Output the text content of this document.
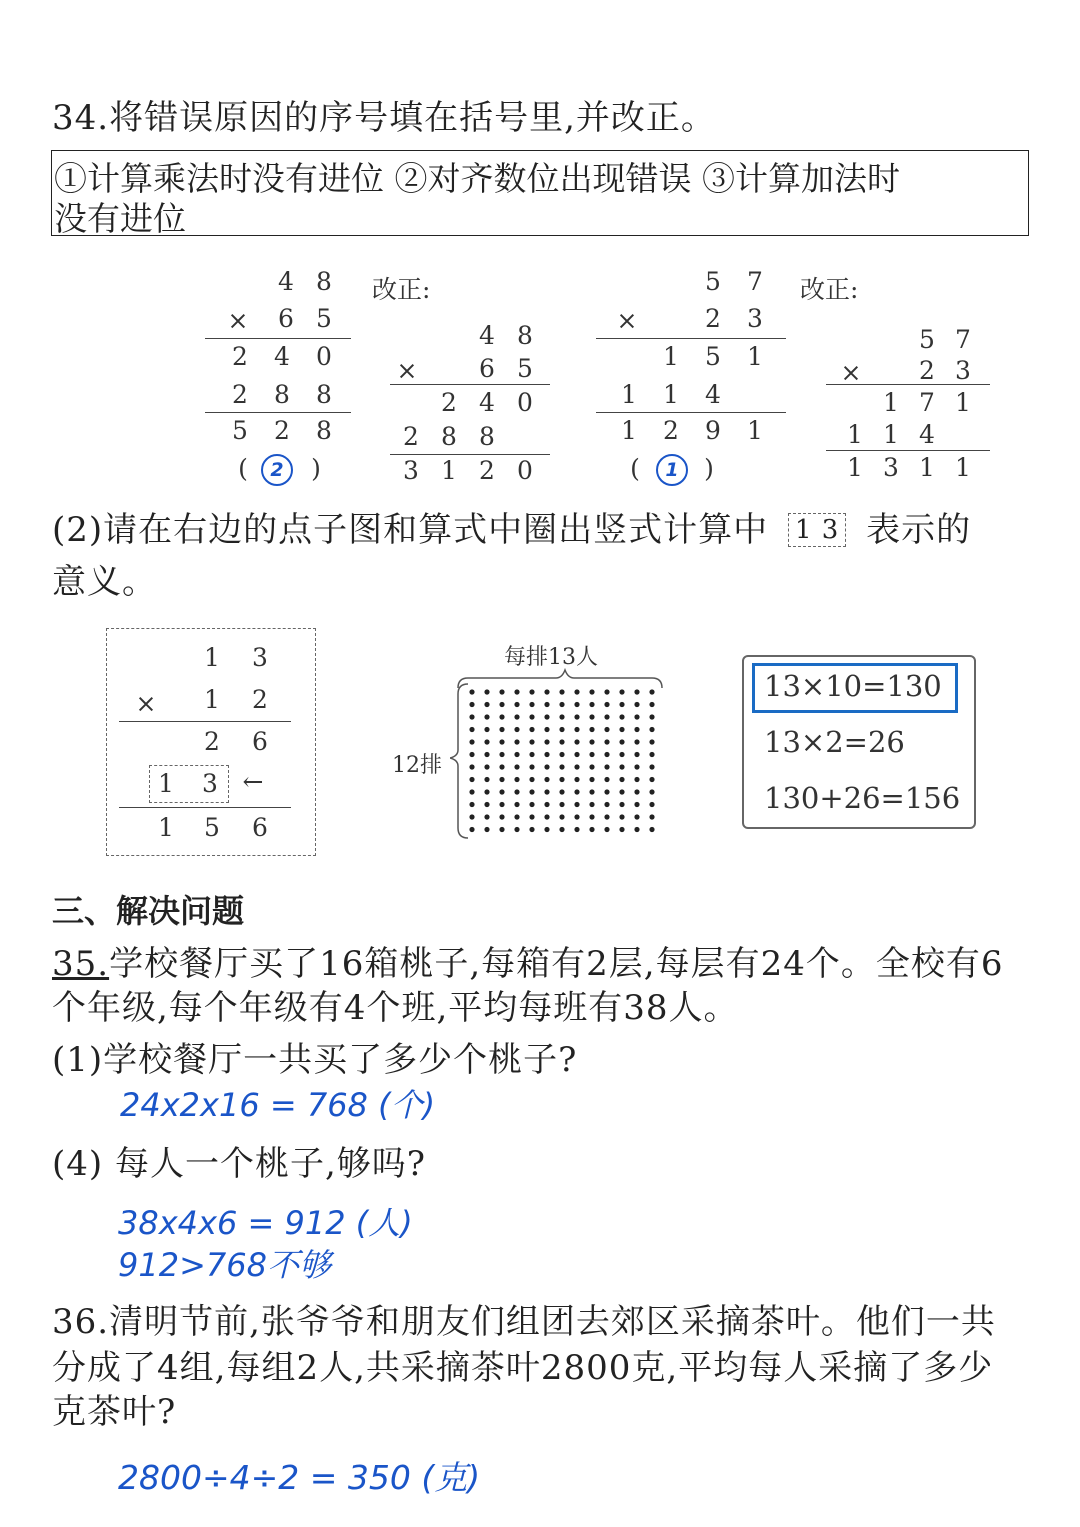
34.将错误原因的序号填在括号里,并改正。
①计算乘法时没有进位 ②对齐数位出现错误 ③计算加法时
没有进位
4 8
× 6 5
2 4 0
2 8 8
5 2 8
(	2	)
改正:
4 8
× 6 5
2 4 0
2 8 8
3 1 2 0
5 7
×	2 3
1 5 1
1 1 4
1 2 9 1
(	1	)
改正:
5 7
× 2 3
1 7 1
1 1 4
1 3 1 1
(2)请在右边的点子图和算式中圈出竖式计算中 1 3 表示的
意义。
1 3
× 1 2
2 6
1 3 ←
1 5 6
每排13人
12排
13×10=130
13×2=26
130+26=156
三、解决问题
35.学校餐厅买了16箱桃子,每箱有2层,每层有24个。全校有6
个年级,每个年级有4个班,平均每班有38人。
(1)学校餐厅一共买了多少个桃子?
24x2x16 = 768 (个)
(4) 每人一个桃子,够吗?
38x4x6 = 912 (人)
912>768不够
36.清明节前,张爷爷和朋友们组团去郊区采摘茶叶。他们一共
分成了4组,每组2人,共采摘茶叶2800克,平均每人采摘了多少
克茶叶?
2800÷4÷2 = 350 (克)
